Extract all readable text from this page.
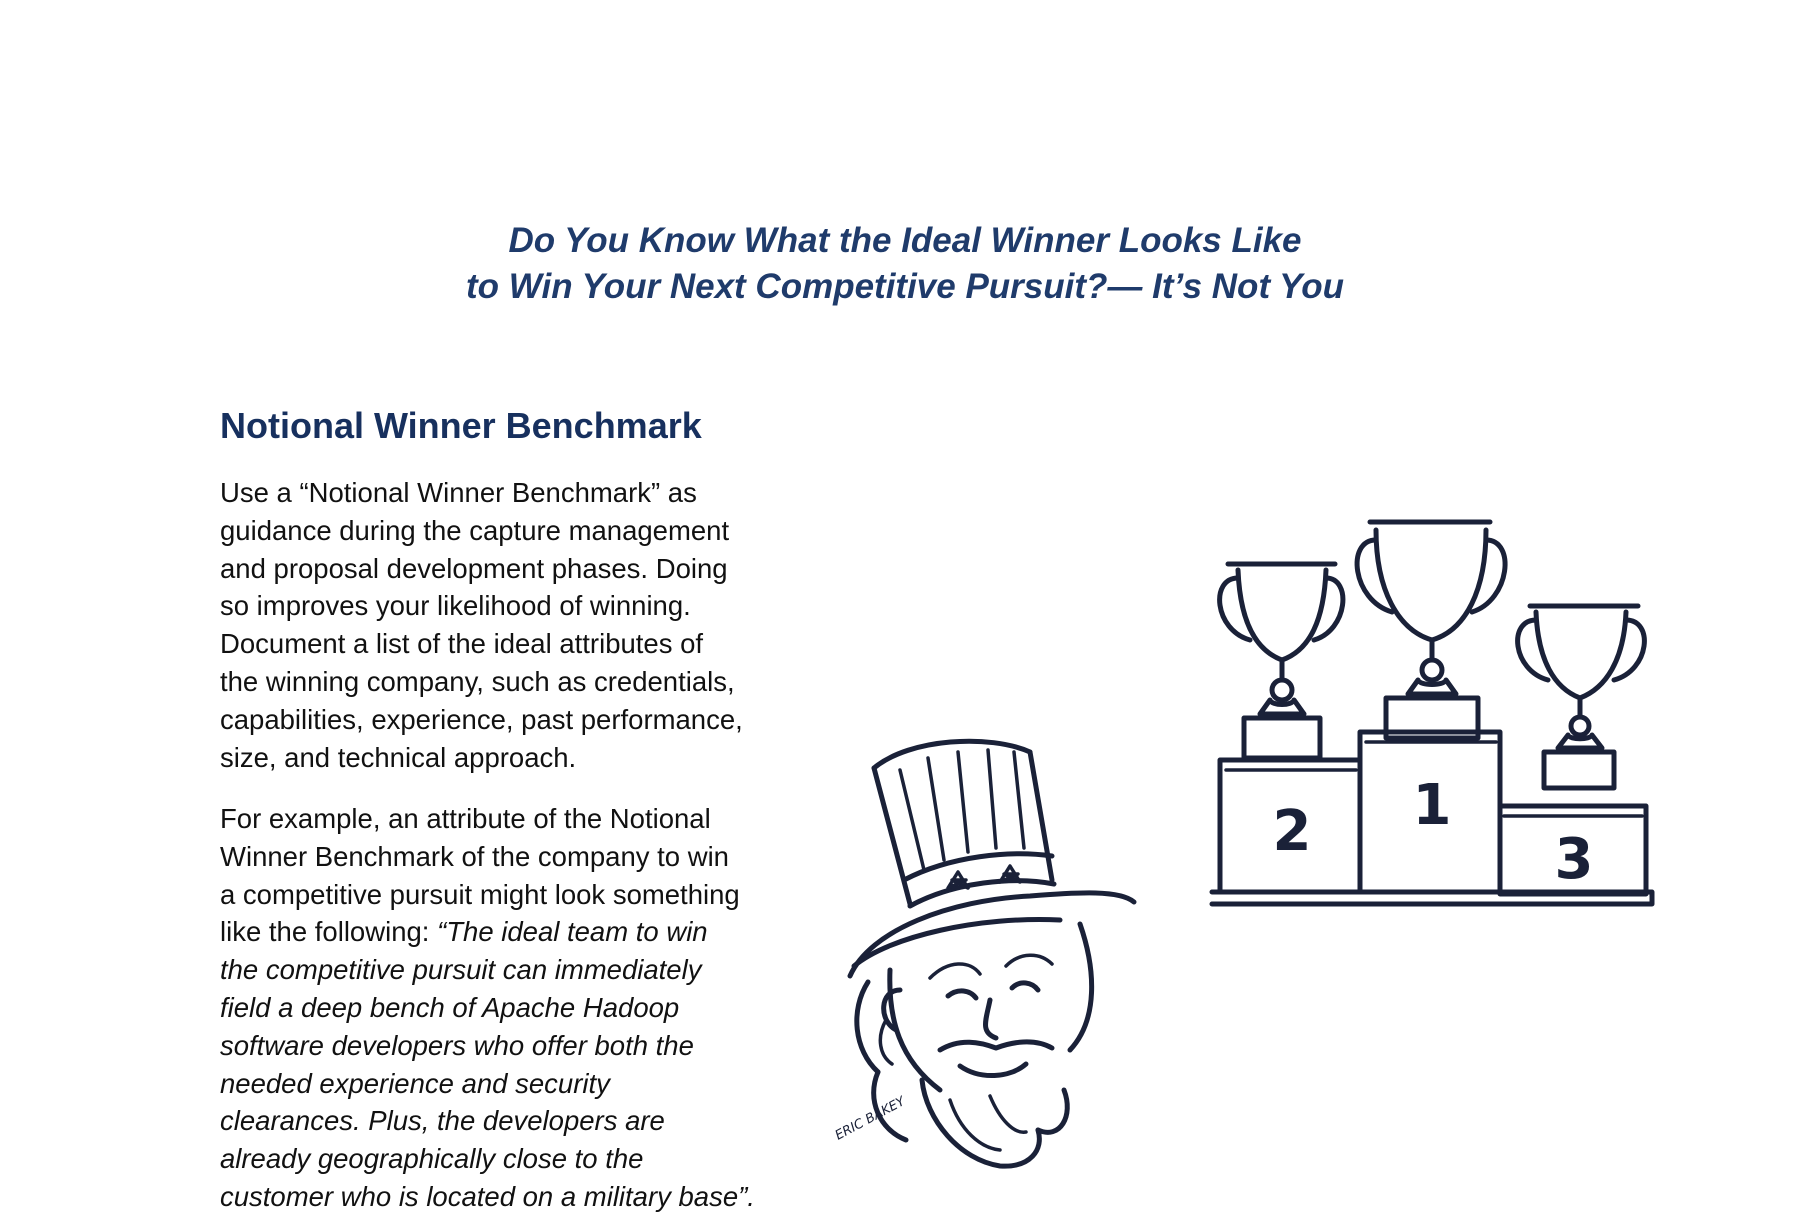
Do You Know What the Ideal Winner Looks Like
to Win Your Next Competitive Pursuit?— It’s Not You
Notional Winner Benchmark

Use a “Notional Winner Benchmark” as
guidance during the capture management
and proposal development phases. Doing
so improves your likelihood of winning.
Document a list of the ideal attributes of
the winning company, such as credentials,
capabilities, experience, past performance,
size, and technical approach.

For example, an attribute of the Notional
Winner Benchmark of the company to win
a competitive pursuit might look something
like the following: “The ideal team to win
the competitive pursuit can immediately
field a deep bench of Apache Hadoop
software developers who offer both the
needed experience and security
clearances. Plus, the developers are
already geographically close to the
customer who is located on a military base”.

2 1
3
ERIC BAKEY
